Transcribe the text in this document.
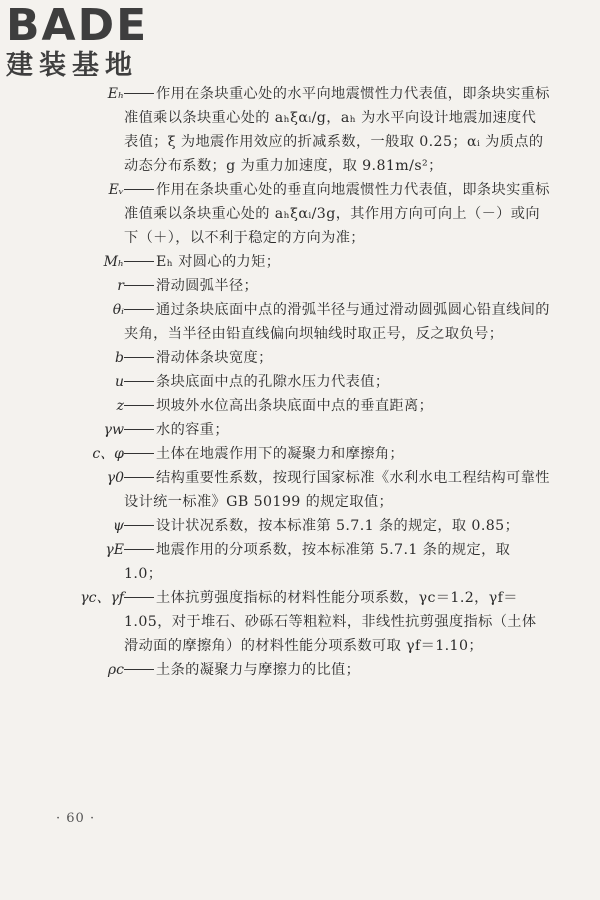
BADE
建装基地
Eₕ	作用在条块重心处的水平向地震惯性力代表值，即条块实重标准值乘以条块重心处的 aₕξαᵢ/g，aₕ 为水平向设计地震加速度代表值；ξ 为地震作用效应的折减系数，一般取 0.25；αᵢ 为质点的动态分布系数；g 为重力加速度，取 9.81m/s²；
Eᵥ	作用在条块重心处的垂直向地震惯性力代表值，即条块实重标准值乘以条块重心处的 aₕξαᵢ/3g，其作用方向可向上（－）或向下（＋），以不利于稳定的方向为准；
Mₕ	Eₕ 对圆心的力矩；
r	滑动圆弧半径；
θᵢ	通过条块底面中点的滑弧半径与通过滑动圆弧圆心铅直线间的夹角，当半径由铅直线偏向坝轴线时取正号，反之取负号；
b	滑动体条块宽度；
u	条块底面中点的孔隙水压力代表值；
z	坝坡外水位高出条块底面中点的垂直距离；
γw	水的容重；
c、φ	土体在地震作用下的凝聚力和摩擦角；
γ0	结构重要性系数，按现行国家标准《水利水电工程结构可靠性设计统一标准》GB 50199 的规定取值；
ψ	设计状况系数，按本标准第 5.7.1 条的规定，取 0.85；
γE	地震作用的分项系数，按本标准第 5.7.1 条的规定，取 1.0；
γc、γf	土体抗剪强度指标的材料性能分项系数，γc＝1.2，γf＝1.05，对于堆石、砂砾石等粗粒料，非线性抗剪强度指标（土体滑动面的摩擦角）的材料性能分项系数可取 γf＝1.10；
ρc	土条的凝聚力与摩擦力的比值；
· 60 ·
